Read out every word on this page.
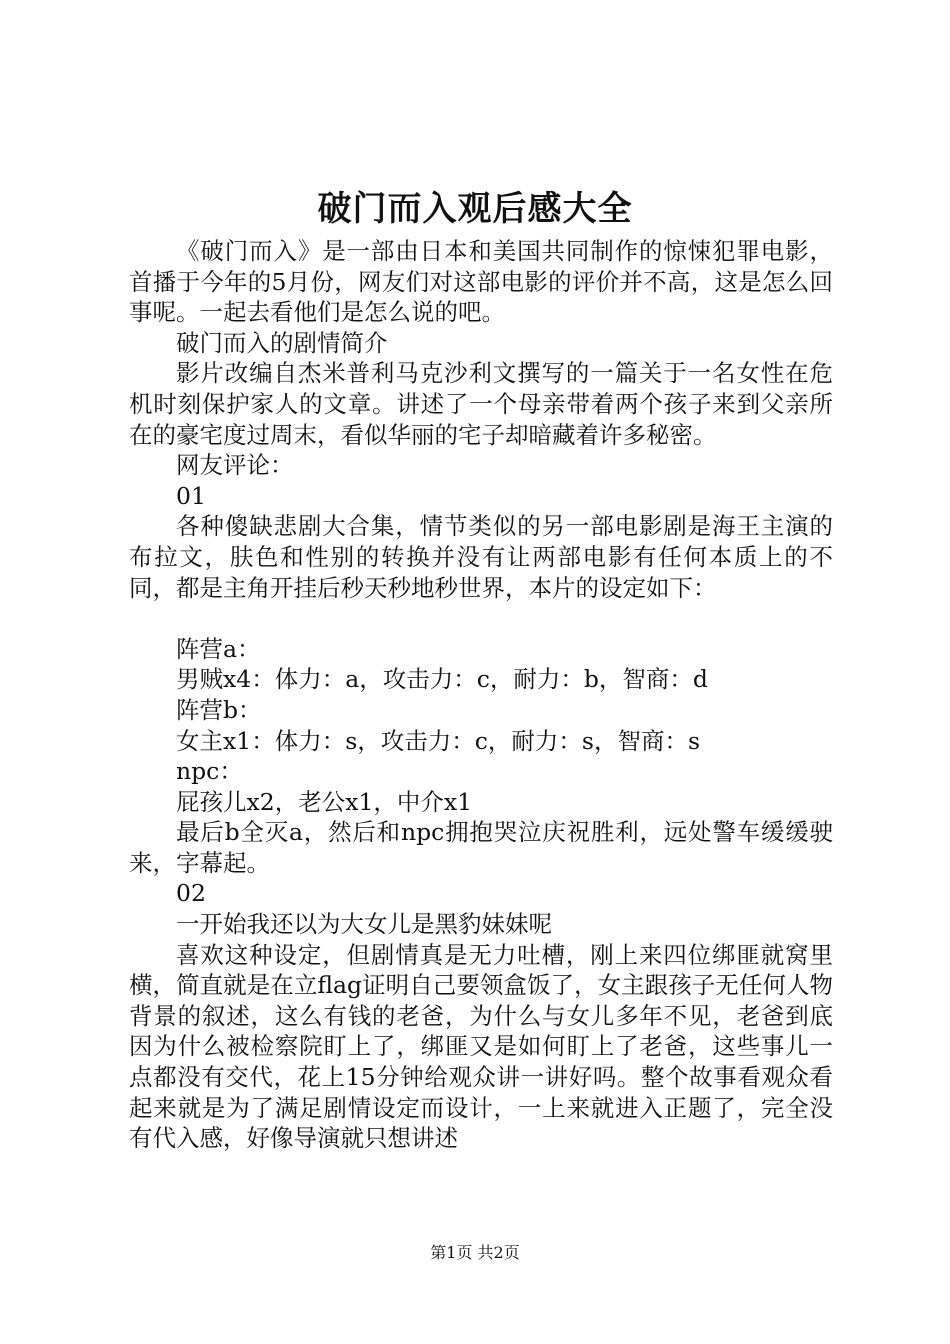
破门而入观后感大全

《破门而入》是一部由日本和美国共同制作的惊悚犯罪电影，首播于今年的5月份，网友们对这部电影的评价并不高，这是怎么回事呢。一起去看他们是怎么说的吧。

破门而入的剧情简介

影片改编自杰米普利马克沙利文撰写的一篇关于一名女性在危机时刻保护家人的文章。讲述了一个母亲带着两个孩子来到父亲所在的豪宅度过周末，看似华丽的宅子却暗藏着许多秘密。

网友评论：

01

各种傻缺悲剧大合集，情节类似的另一部电影剧是海王主演的布拉文，肤色和性别的转换并没有让两部电影有任何本质上的不同，都是主角开挂后秒天秒地秒世界，本片的设定如下：

阵营a：

男贼x4：体力：a，攻击力：c，耐力：b，智商：d

阵营b：

女主x1：体力：s，攻击力：c，耐力：s，智商：s

npc：

屁孩儿x2，老公x1，中介x1

最后b全灭a，然后和npc拥抱哭泣庆祝胜利，远处警车缓缓驶来，字幕起。

02

一开始我还以为大女儿是黑豹妹妹呢

喜欢这种设定，但剧情真是无力吐槽，刚上来四位绑匪就窝里横，简直就是在立flag证明自己要领盒饭了，女主跟孩子无任何人物背景的叙述，这么有钱的老爸，为什么与女儿多年不见，老爸到底因为什么被检察院盯上了，绑匪又是如何盯上了老爸，这些事儿一点都没有交代，花上15分钟给观众讲一讲好吗。整个故事看观众看起来就是为了满足剧情设定而设计，一上来就进入正题了，完全没有代入感，好像导演就只想讲述

第1页 共2页
